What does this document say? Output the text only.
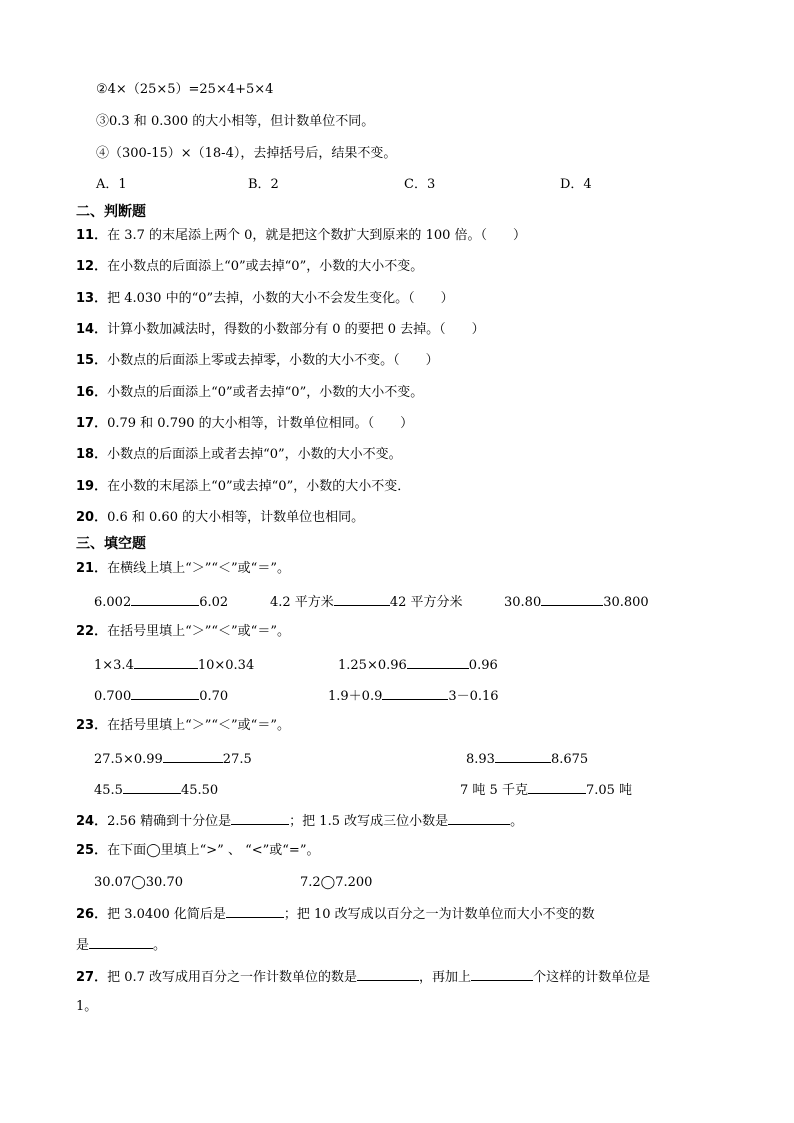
②4×（25×5）=25×4+5×4
③0.3 和 0.300 的大小相等，但计数单位不同。
④（300-15）×（18-4），去掉括号后，结果不变。
A．1	B．2	C．3	D．4
二、判断题
11．在 3.7 的末尾添上两个 0，就是把这个数扩大到原来的 100 倍。（　　）
12．在小数点的后面添上“0”或去掉“0”，小数的大小不变。
13．把 4.030 中的“0”去掉，小数的大小不会发生变化。（　　）
14．计算小数加减法时，得数的小数部分有 0 的要把 0 去掉。（　　）
15．小数点的后面添上零或去掉零，小数的大小不变。（　　）
16．小数点的后面添上“0”或者去掉“0”，小数的大小不变。
17．0.79 和 0.790 的大小相等，计数单位相同。（　　）
18．小数点的后面添上或者去掉“0”，小数的大小不变。
19．在小数的末尾添上“0”或去掉“0”，小数的大小不变．
20．0.6 和 0.60 的大小相等，计数单位也相同。
三、填空题
21．在横线上填上“＞”“＜”或“＝”。
6.002	6.02	4.2 平方米	42 平方分米	30.80	30.800
22．在括号里填上“＞”“＜”或“＝”。
1×3.4	10×0.34	1.25×0.96	0.96
0.700	0.70	1.9＋0.9	3－0.16
23．在括号里填上“＞”“＜”或“＝”。
27.5×0.99	27.5	8.93	8.675
45.5	45.50	7 吨 5 千克	7.05 吨
24．2.56 精确到十分位是	；把 1.5 改写成三位小数是	。
25．在下面◯里填上“>” 、 “<”或“=”。
30.07◯30.70	7.2◯7.200
26．把 3.0400 化简后是	；把 10 改写成以百分之一为计数单位而大小不变的数
是	。
27．把 0.7 改写成用百分之一作计数单位的数是	，再加上	个这样的计数单位是
1。
